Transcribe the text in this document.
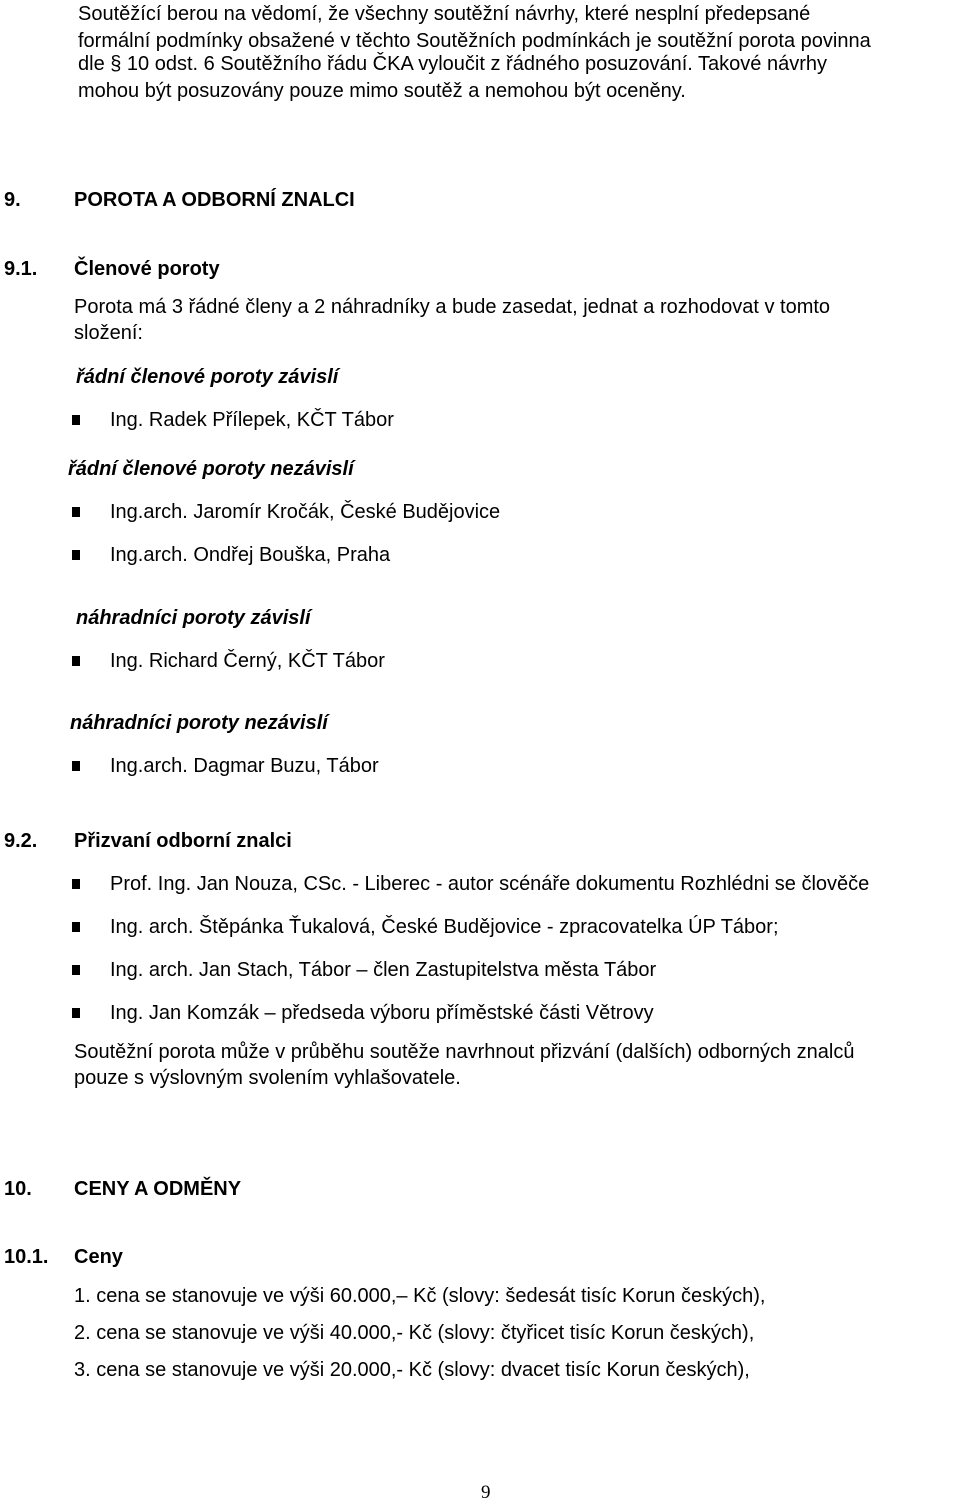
Soutěžící berou na vědomí, že všechny soutěžní návrhy, které nesplní předepsané
formální podmínky obsažené v těchto Soutěžních podmínkách je soutěžní porota povinna
dle § 10 odst. 6 Soutěžního řádu ČKA vyloučit z řádného posuzování. Takové návrhy
mohou být posuzovány pouze mimo soutěž a nemohou být oceněny.
9.	POROTA A ODBORNÍ ZNALCI
9.1. Členové poroty
Porota má 3 řádné členy a 2 náhradníky a bude zasedat, jednat a rozhodovat v tomto
složení:
řádní členové poroty závislí
Ing. Radek Přílepek, KČT Tábor
řádní členové poroty nezávislí
Ing.arch. Jaromír Kročák, České Budějovice
Ing.arch. Ondřej Bouška, Praha
náhradníci poroty závislí
Ing. Richard Černý, KČT Tábor
náhradníci poroty nezávislí
Ing.arch. Dagmar Buzu, Tábor
9.2. Přizvaní odborní znalci
Prof. Ing. Jan Nouza, CSc. - Liberec - autor scénáře dokumentu Rozhlédni se člověče
Ing. arch. Štěpánka Ťukalová, České Budějovice - zpracovatelka ÚP Tábor;
Ing. arch. Jan Stach, Tábor – člen Zastupitelstva města Tábor
Ing. Jan Komzák – předseda výboru příměstské části Větrovy
Soutěžní porota může v průběhu soutěže navrhnout přizvání (dalších) odborných znalců
pouze s výslovným svolením vyhlašovatele.
10. CENY A ODMĚNY
10.1. Ceny
1. cena se stanovuje ve výši 60.000,– Kč (slovy: šedesát tisíc Korun českých),
2. cena se stanovuje ve výši 40.000,- Kč (slovy: čtyřicet tisíc Korun českých),
3. cena se stanovuje ve výši 20.000,- Kč (slovy: dvacet tisíc Korun českých),
9
